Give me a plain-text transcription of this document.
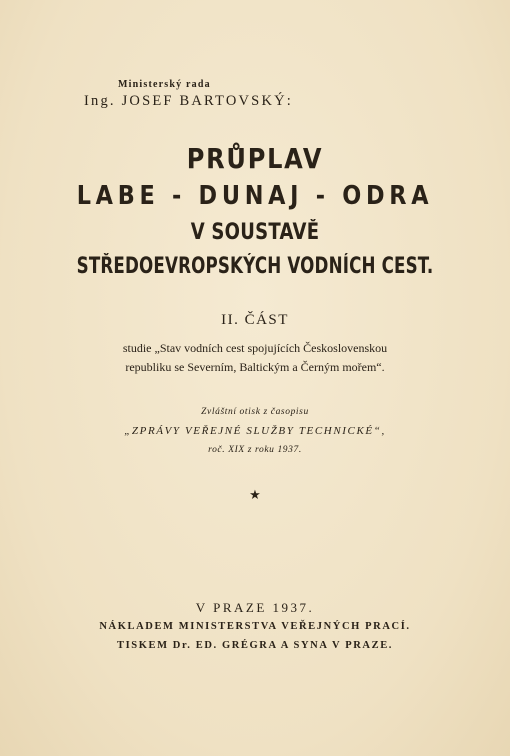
Ministerský rada
Ing. JOSEF BARTOVSKÝ:
PRŮPLAV
LABE - DUNAJ - ODRA
V SOUSTAVĚ
STŘEDOEVROPSKÝCH VODNÍCH CEST.
II. ČÁST
studie „Stav vodních cest spojujících Československou
republiku se Severním, Baltickým a Černým mořem“.
Zvláštní otisk z časopisu
„ZPRÁVY VEŘEJNÉ SLUŽBY TECHNICKÉ“,
roč. XIX z roku 1937.
★
V PRAZE 1937.
NÁKLADEM MINISTERSTVA VEŘEJNÝCH PRACÍ.
TISKEM Dr. ED. GRÉGRA A SYNA V PRAZE.
